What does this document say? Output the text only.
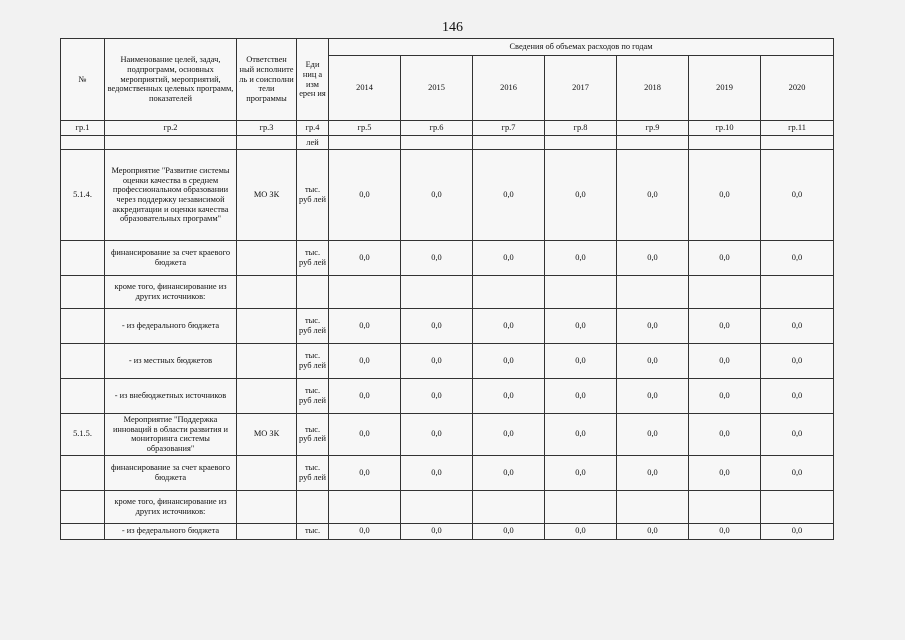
146
№	Наименование целей, задач, подпрограмм, основных мероприятий, мероприятий, ведомственных целевых программ, показателей	Ответствен ный исполните ль и соисполни тели программы	Еди ниц а изм ерен ия	Сведения об объемах расходов по годам						
				2014	2015	2016	2017	2018	2019	2020
гр.1	гр.2	гр.3	гр.4	гр.5	гр.6	гр.7	гр.8	гр.9	гр.10	гр.11
			лей							
5.1.4.	Мероприятие "Развитие системы оценки качества в среднем профессиональном образовании через поддержку независимой аккредитации и оценки качества образовательных программ"	МО ЗК	тыс. руб лей	0,0	0,0	0,0	0,0	0,0	0,0	0,0
	финансирование за счет краевого бюджета		тыс. руб лей	0,0	0,0	0,0	0,0	0,0	0,0	0,0
	кроме того, финансирование из других источников:									
	- из федерального бюджета		тыс. руб лей	0,0	0,0	0,0	0,0	0,0	0,0	0,0
	- из местных бюджетов		тыс. руб лей	0,0	0,0	0,0	0,0	0,0	0,0	0,0
	- из внебюджетных источников		тыс. руб лей	0,0	0,0	0,0	0,0	0,0	0,0	0,0
5.1.5.	Мероприятие "Поддержка инноваций в области развития и мониторинга системы образования"	МО ЗК	тыс. руб лей	0,0	0,0	0,0	0,0	0,0	0,0	0,0
	финансирование за счет краевого бюджета		тыс. руб лей	0,0	0,0	0,0	0,0	0,0	0,0	0,0
	кроме того, финансирование из других источников:									
	- из федерального бюджета		тыс.	0,0	0,0	0,0	0,0	0,0	0,0	0,0
